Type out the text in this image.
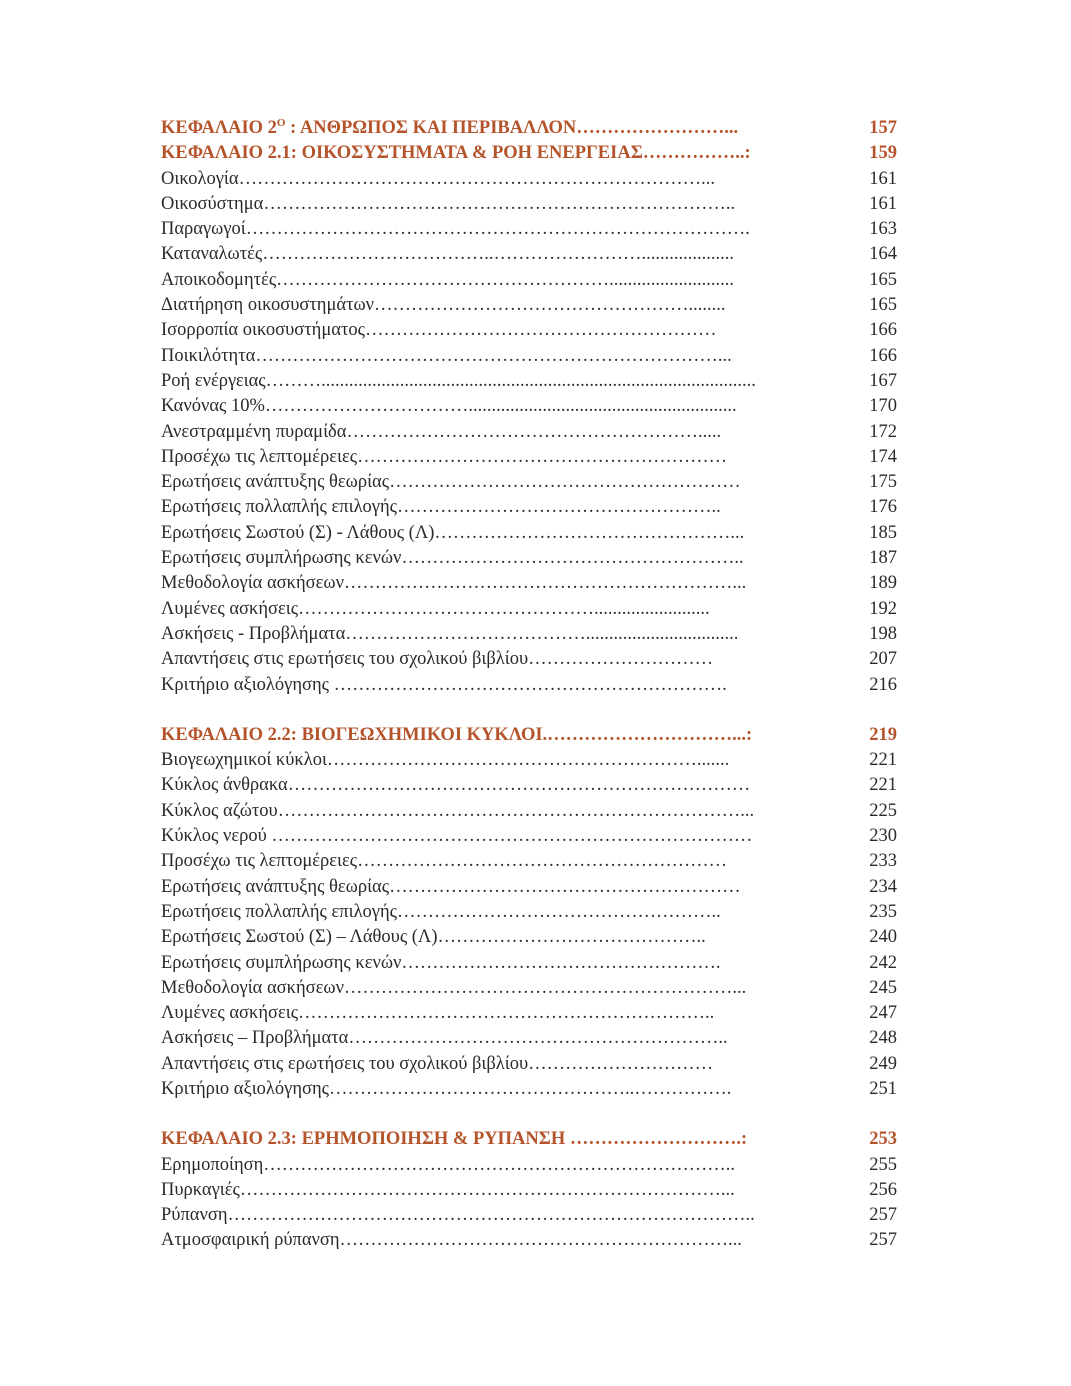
ΚΕΦΑΛΑΙΟ $2^O$ : ΑΝΘΡΩΠΟΣ ΚΑΙ ΠΕΡΙΒΑΛΛΟΝ……………………...	157
ΚΕΦΑΛΑΙΟ 2.1: ΟΙΚΟΣΥΣΤΗΜΑΤΑ & ΡΟΗ ΕΝΕΡΓΕΙΑΣ……………..:	159
Οικολογία…………………………………………………………………...	161
Οικοσύστημα…………………………………………………………………..	161
Παραγωγοί……………………………………………………………………….	163
Καταναλωτές………………………………..……………………....................	164
Αποικοδομητές………………………………………………...........................	165
Διατήρηση οικοσυστημάτων……………………………………………........	165
Ισορροπία οικοσυστήματος…………………………………………………	166
Ποικιλότητα…………………………………………………………………...	166
Ροή ενέργειας………..............................................................................................	167
Κανόνας 10%……………………………..........................................................	170
Ανεστραμμένη πυραμίδα………………………………………………….....	172
Προσέχω τις λεπτομέρειες……………………………………………………	174
Ερωτήσεις ανάπτυξης θεωρίας…………………………………………………	175
Ερωτήσεις πολλαπλής επιλογής……………………………………………..	176
Ερωτήσεις Σωστού (Σ) - Λάθους (Λ)…………………………………………...	185
Ερωτήσεις συμπλήρωσης κενών………………………………………………..	187
Μεθοδολογία ασκήσεων………………………………………………………...	189
Λυμένες ασκήσεις………………………………………….........................	192
Ασκήσεις - Προβλήματα………………………………….................................	198
Απαντήσεις στις ερωτήσεις του σχολικού βιβλίου…………………………	207
Κριτήριο αξιολόγησης ……………………………………………………….	216
ΚΕΦΑΛΑΙΟ 2.2: ΒΙΟΓΕΩΧΗΜΙΚΟΙ ΚΥΚΛΟΙ.…………………………...:	219
Βιογεωχημικοί κύκλοι…………………………………………………….......	221
Κύκλος άνθρακα…………………………………………………………………	221
Κύκλος αζώτου…………………………………………………………………...	225
Κύκλος νερού ……………………………………………………………………	230
Προσέχω τις λεπτομέρειες……………………………………………………	233
Ερωτήσεις ανάπτυξης θεωρίας…………………………………………………	234
Ερωτήσεις πολλαπλής επιλογής……………………………………………..	235
Ερωτήσεις Σωστού (Σ) – Λάθους (Λ)……………………………………..	240
Ερωτήσεις συμπλήρωσης κενών…………………………………………….	242
Μεθοδολογία ασκήσεων………………………………………………………...	245
Λυμένες ασκήσεις…………………………………………………………..	247
Ασκήσεις – Προβλήματα……………………………………………………..	248
Απαντήσεις στις ερωτήσεις του σχολικού βιβλίου…………………………	249
Κριτήριο αξιολόγησης…………………………………………..…………….	251
ΚΕΦΑΛΑΙΟ 2.3: ΕΡΗΜΟΠΟΙΗΣΗ & ΡΥΠΑΝΣΗ ……………………….:	253
Ερημοποίηση…………………………………………………………………..	255
Πυρκαγιές……………………………………………………………………...	256
Ρύπανση…………………………………………………………………………..	257
Ατμοσφαιρική ρύπανση………………………………………………………...	257
